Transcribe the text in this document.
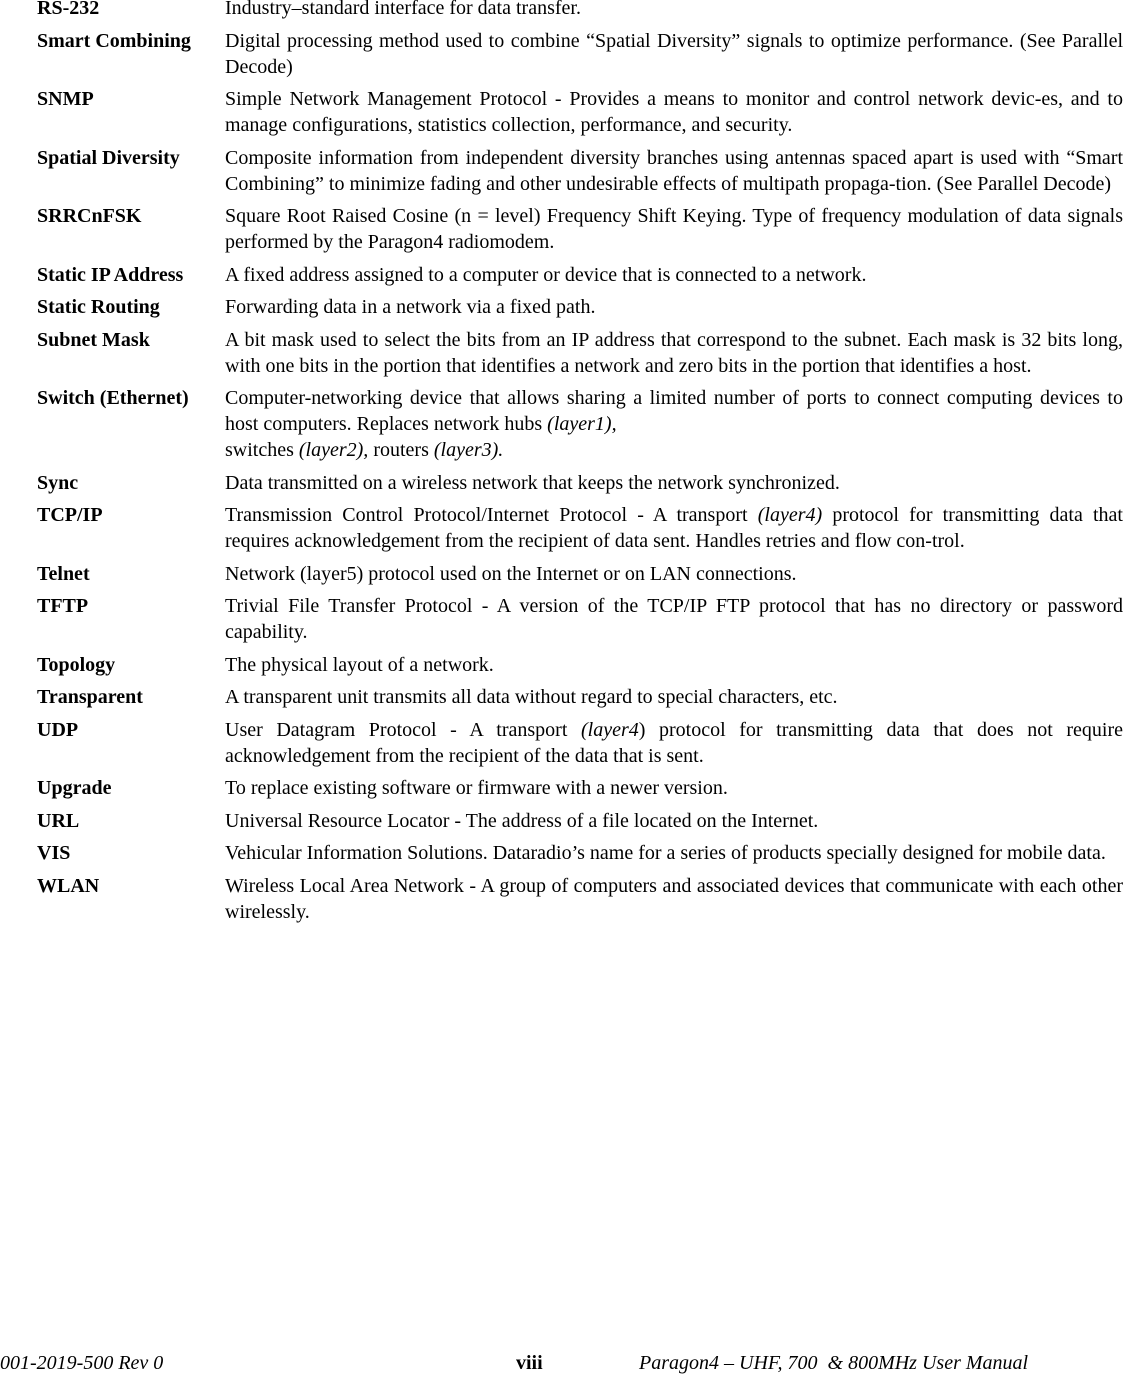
RS-232	Industry–standard interface for data transfer.
Smart Combining	Digital processing method used to combine “Spatial Diversity” signals to optimize performance. (See Parallel Decode)
SNMP	Simple Network Management Protocol - Provides a means to monitor and control network devic-es, and to manage configurations, statistics collection, performance, and security.
Spatial Diversity	Composite information from independent diversity branches using antennas spaced apart is used with “Smart Combining” to minimize fading and other undesirable effects of multipath propaga-tion. (See Parallel Decode)
SRRCnFSK	Square Root Raised Cosine (n = level) Frequency Shift Keying. Type of frequency modulation of data signals performed by the Paragon4 radiomodem.
Static IP Address	A fixed address assigned to a computer or device that is connected to a network.
Static Routing	Forwarding data in a network via a fixed path.
Subnet Mask	A bit mask used to select the bits from an IP address that correspond to the subnet. Each mask is 32 bits long, with one bits in the portion that identifies a network and zero bits in the portion that identifies a host.
Switch (Ethernet)	Computer-networking device that allows sharing a limited number of ports to connect computing devices to host computers. Replaces network hubs (layer1),
switches (layer2), routers (layer3).
Sync	Data transmitted on a wireless network that keeps the network synchronized.
TCP/IP	Transmission Control Protocol/Internet Protocol - A transport (layer4) protocol for transmitting data that requires acknowledgement from the recipient of data sent. Handles retries and flow con-trol.
Telnet	Network (layer5) protocol used on the Internet or on LAN connections.
TFTP	Trivial File Transfer Protocol - A version of the TCP/IP FTP protocol that has no directory or password capability.
Topology	The physical layout of a network.
Transparent	A transparent unit transmits all data without regard to special characters, etc.
UDP	User Datagram Protocol - A transport (layer4) protocol for transmitting data that does not require acknowledgement from the recipient of the data that is sent.
Upgrade	To replace existing software or firmware with a newer version.
URL	Universal Resource Locator - The address of a file located on the Internet.
VIS	Vehicular Information Solutions. Dataradio’s name for a series of products specially designed for mobile data.
WLAN	Wireless Local Area Network - A group of computers and associated devices that communicate with each other wirelessly.
001-2019-500 Rev 0	viii	Paragon4 – UHF, 700  & 800MHz User Manual
